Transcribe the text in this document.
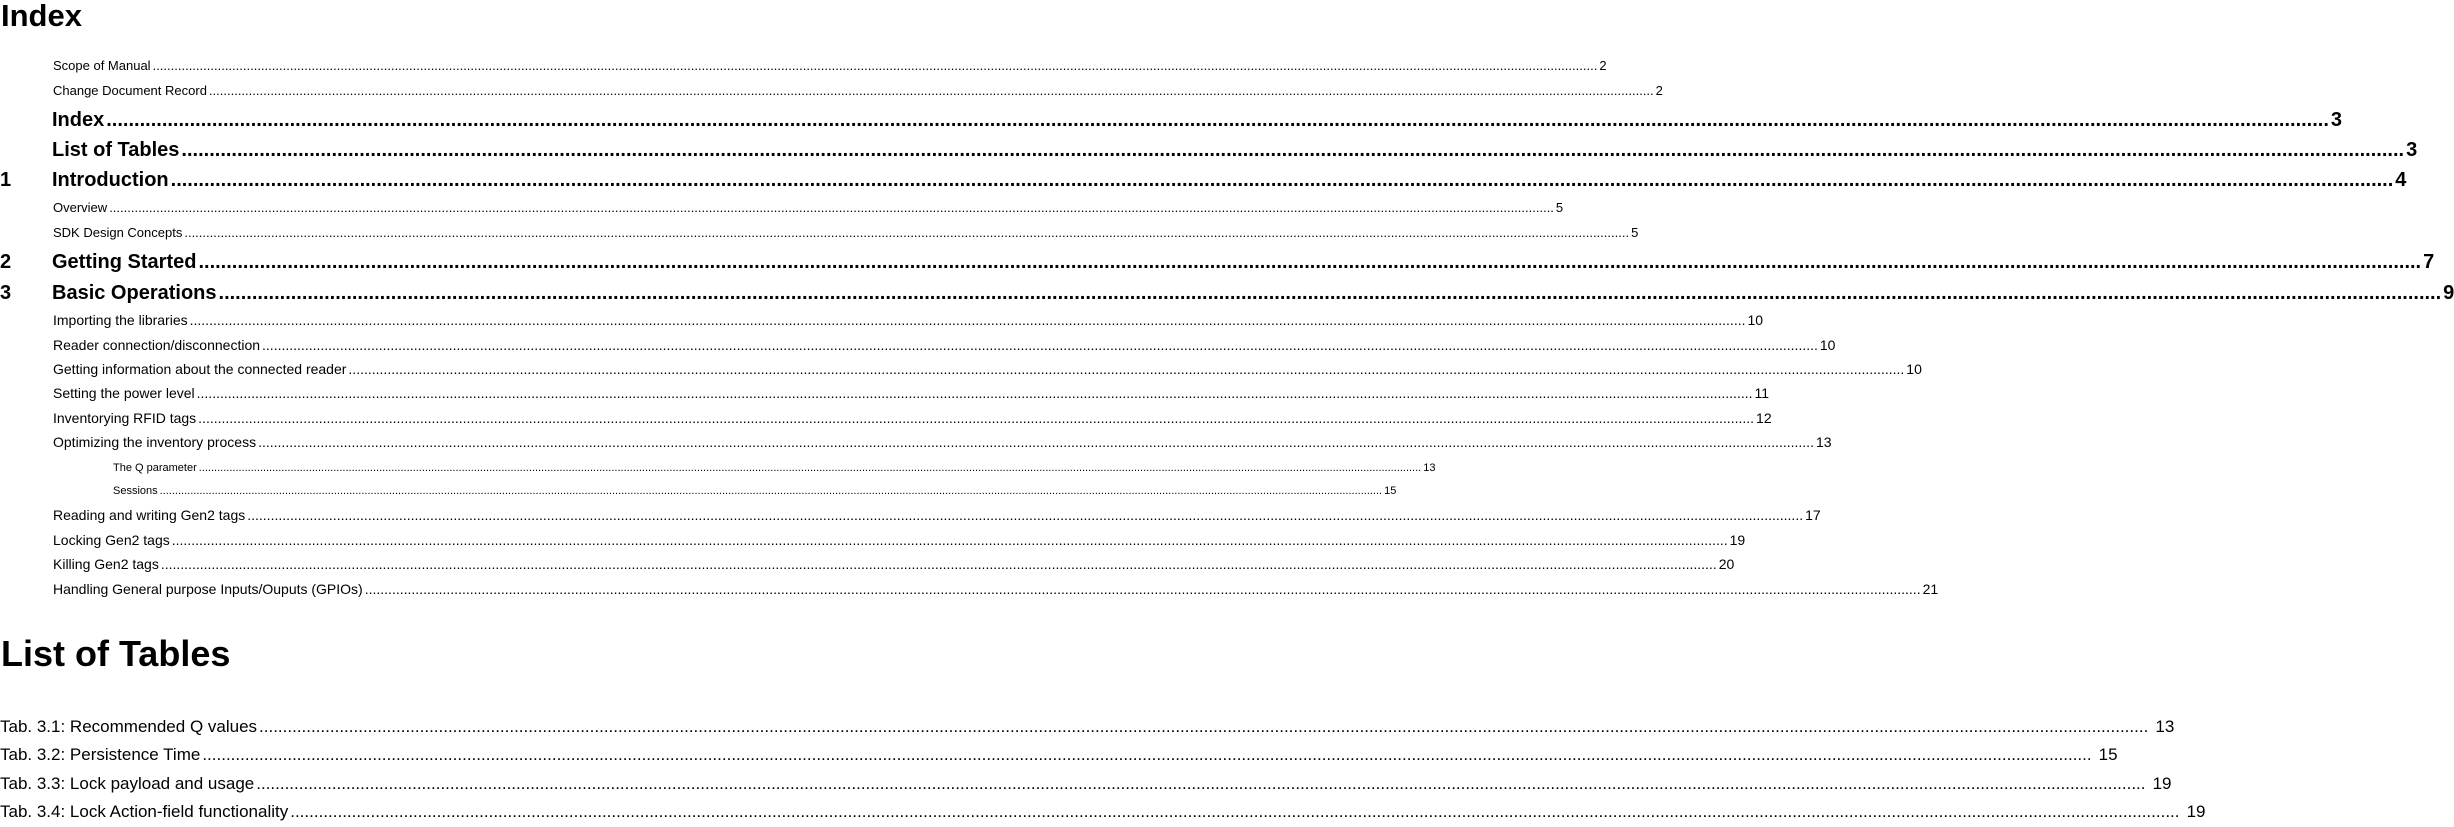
Index
Scope of Manual ................................................................................................................................................................................................................................................................................................................................................................................................................ 2
Change Document Record ................................................................................................................................................................................................................................................................................................................................................................................................................ 2
Index ................................................................................................................................................................................................................................................................................................................................................................................................................ 3
List of Tables ................................................................................................................................................................................................................................................................................................................................................................................................................ 3
1	Introduction ................................................................................................................................................................................................................................................................................................................................................................................................................ 4
Overview ................................................................................................................................................................................................................................................................................................................................................................................................................ 5
SDK Design Concepts ................................................................................................................................................................................................................................................................................................................................................................................................................ 5
2	Getting Started ................................................................................................................................................................................................................................................................................................................................................................................................................ 7
3	Basic Operations ................................................................................................................................................................................................................................................................................................................................................................................................................ 9
Importing the libraries ................................................................................................................................................................................................................................................................................................................................................................................................................ 10
Reader connection/disconnection ................................................................................................................................................................................................................................................................................................................................................................................................................ 10
Getting information about the connected reader ................................................................................................................................................................................................................................................................................................................................................................................................................ 10
Setting the power level ................................................................................................................................................................................................................................................................................................................................................................................................................ 11
Inventorying RFID tags ................................................................................................................................................................................................................................................................................................................................................................................................................ 12
Optimizing the inventory process ................................................................................................................................................................................................................................................................................................................................................................................................................ 13
The Q parameter ................................................................................................................................................................................................................................................................................................................................................................................................................ 13
Sessions ................................................................................................................................................................................................................................................................................................................................................................................................................ 15
Reading and writing Gen2 tags ................................................................................................................................................................................................................................................................................................................................................................................................................ 17
Locking Gen2 tags ................................................................................................................................................................................................................................................................................................................................................................................................................ 19
Killing Gen2 tags ................................................................................................................................................................................................................................................................................................................................................................................................................ 20
Handling General purpose Inputs/Ouputs (GPIOs) ................................................................................................................................................................................................................................................................................................................................................................................................................ 21
List of Tables
Tab. 3.1: Recommended Q values ................................................................................................................................................................................................................................................................................................................................................................................................................ 13
Tab. 3.2: Persistence Time ................................................................................................................................................................................................................................................................................................................................................................................................................ 15
Tab. 3.3: Lock payload and usage ................................................................................................................................................................................................................................................................................................................................................................................................................ 19
Tab. 3.4: Lock Action-field functionality ................................................................................................................................................................................................................................................................................................................................................................................................................ 19
